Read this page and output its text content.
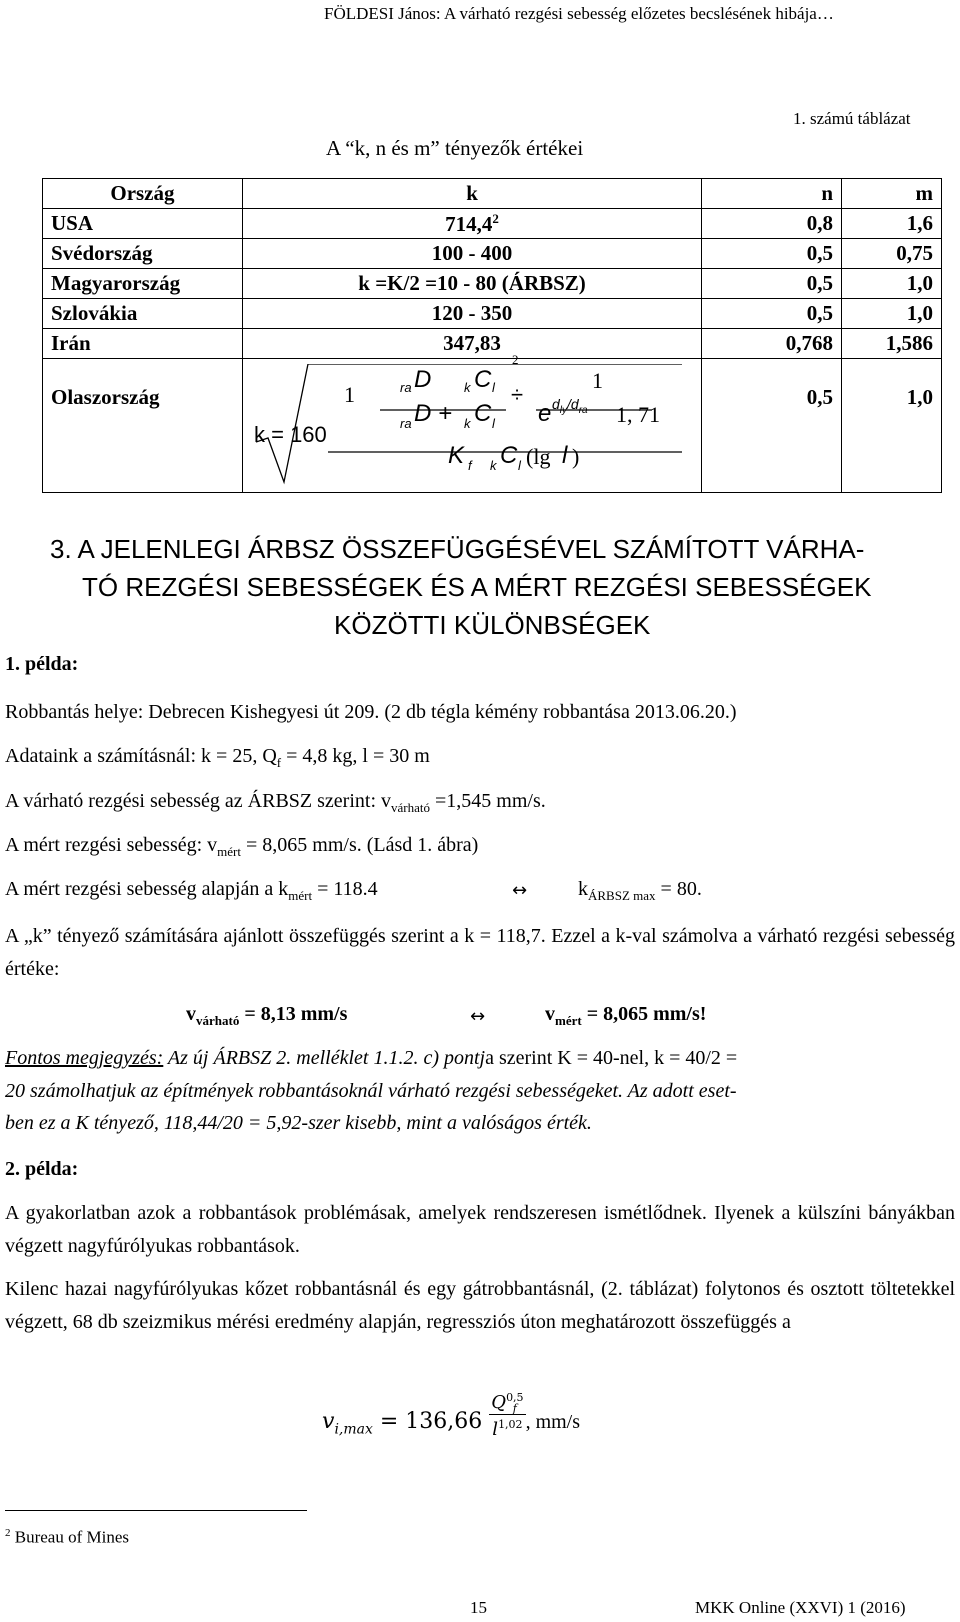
FÖLDESI János: A várható rezgési sebesség előzetes becslésének hibája…
1. számú táblázat
A “k, n és m” tényezők értékei
Ország	k	n	m
USA	714,4$^2$	0,8	1,6
Svédország	100 - 400	0,5	0,75
Magyarország	k =K/2 =10 - 80 (ÁRBSZ)	0,5	1,0
Szlovákia	120 - 350	0,5	1,0
Irán	347,83	0,768	1,586
Olaszország		0,5	1,0
k = 160
1
2
1
÷
ra D	k C l
ra D + k C l e $d_{ly}/d_{ra}$ 1, 71
K f k C l (lg l )
3. A JELENLEGI ÁRBSZ ÖSSZEFÜGGÉSÉVEL SZÁMÍTOTT VÁRHA-
TÓ REZGÉSI SEBESSÉGEK ÉS A MÉRT REZGÉSI SEBESSÉGEK
KÖZÖTTI KÜLÖNBSÉGEK
1. példa:
Robbantás helye: Debrecen Kishegyesi út 209. (2 db tégla kémény robbantása 2013.06.20.)
Adataink a számításnál: k = 25, $Q_f = 4,8$ kg, l = 30 m
A várható rezgési sebesség az ÁRBSZ szerint: $v_{várható} =1,545$ mm/s.
A mért rezgési sebesség: $v_{mért} = 8,065$ mm/s. (Lásd 1. ábra)
A mért rezgési sebesség alapján a $k_{mért} = 118.4$	↔	$k_{ÁRBSZ max} = 80$.
A „k” tényező számítására ajánlott összefüggés szerint a k = 118,7. Ezzel a k-val számolva a várható rezgési sebesség értéke:
$v_{várható} = 8,13$ mm/s	↔	$v_{mért} = 8,065$ mm/s!
Fontos megjegyzés: Az új ÁRBSZ 2. melléklet 1.1.2. c) pontja szerint K = 40-nel, k = 40/2 =
20 számolhatjuk az építmények robbantásoknál várható rezgési sebességeket. Az adott eset-
ben ez a K tényező, 118,44/20 = 5,92-szer kisebb, mint a valóságos érték.
2. példa:
A gyakorlatban azok a robbantások problémásak, amelyek rendszeresen ismétlődnek. Ilyenek a külszíni bányákban végzett nagyfúrólyukas robbantások.
Kilenc hazai nagyfúrólyukas kőzet robbantásnál és egy gátrobbantásnál, (2. táblázat) folytonos és osztott töltetekkel végzett, 68 db szeizmikus mérési eredmény alapján, regressziós úton meghatározott összefüggés a
$v_{i,max} = 136,66$ Q 0,5
f
$l^{1,02}$ , mm/s
$^2$ Bureau of Mines
15	MKK Online (XXVI) 1 (2016)
